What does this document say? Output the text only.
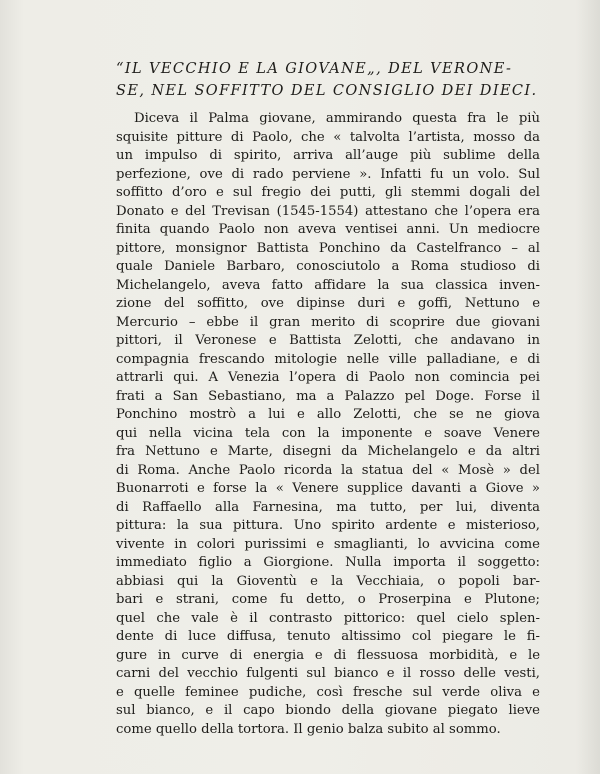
“IL VECCHIO E LA GIOVANE„, DEL VERONE-
SE, NEL SOFFITTO DEL CONSIGLIO DEI DIECI.
Diceva il Palma giovane, ammirando questa fra le più
squisite pitture di Paolo, che « talvolta l’artista, mosso da
un impulso di spirito, arriva all’auge più sublime della
perfezione, ove di rado perviene ». Infatti fu un volo. Sul
soffitto d’oro e sul fregio dei putti, gli stemmi dogali del
Donato e del Trevisan (1545-1554) attestano che l’opera era
finita quando Paolo non aveva ventisei anni. Un mediocre
pittore, monsignor Battista Ponchino da Castelfranco – al
quale Daniele Barbaro, conosciutolo a Roma studioso di
Michelangelo, aveva fatto affidare la sua classica inven-
zione del soffitto, ove dipinse duri e goffi, Nettuno e
Mercurio – ebbe il gran merito di scoprire due giovani
pittori, il Veronese e Battista Zelotti, che andavano in
compagnia frescando mitologie nelle ville palladiane, e di
attrarli qui. A Venezia l’opera di Paolo non comincia pei
frati a San Sebastiano, ma a Palazzo pel Doge. Forse il
Ponchino mostrò a lui e allo Zelotti, che se ne giova
qui nella vicina tela con la imponente e soave Venere
fra Nettuno e Marte, disegni da Michelangelo e da altri
di Roma. Anche Paolo ricorda la statua del « Mosè » del
Buonarroti e forse la « Venere supplice davanti a Giove »
di Raffaello alla Farnesina, ma tutto, per lui, diventa
pittura: la sua pittura. Uno spirito ardente e misterioso,
vivente in colori purissimi e smaglianti, lo avvicina come
immediato figlio a Giorgione. Nulla importa il soggetto:
abbiasi qui la Gioventù e la Vecchiaia, o popoli bar-
bari e strani, come fu detto, o Proserpina e Plutone;
quel che vale è il contrasto pittorico: quel cielo splen-
dente di luce diffusa, tenuto altissimo col piegare le fi-
gure in curve di energia e di flessuosa morbidità, e le
carni del vecchio fulgenti sul bianco e il rosso delle vesti,
e quelle feminee pudiche, così fresche sul verde oliva e
sul bianco, e il capo biondo della giovane piegato lieve
come quello della tortora. Il genio balza subito al sommo.
